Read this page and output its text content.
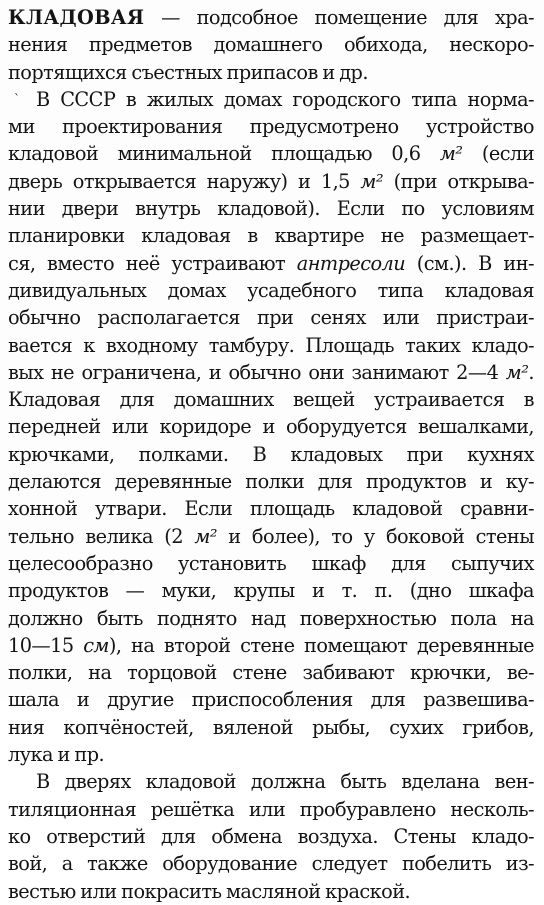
КЛАДОВАЯ — подсобное помещение для хра-
нения предметов домашнего обихода, нескоро-
портящихся съестных припасов и др.
ˋ В СССР в жилых домах городского типа норма-
ми проектирования предусмотрено устройство
кладовой минимальной площадью 0,6 м² (если
дверь открывается наружу) и 1,5 м² (при открыва-
нии двери внутрь кладовой). Если по условиям
планировки кладовая в квартире не размещает-
ся, вместо неё устраивают антресоли (см.). В ин-
дивидуальных домах усадебного типа кладовая
обычно располагается при сенях или пристраи-
вается к входному тамбуру. Площадь таких кладо-
вых не ограничена, и обычно они занимают 2—4 м².
Кладовая для домашних вещей устраивается в
передней или коридоре и оборудуется вешалками,
крючками, полками. В кладовых при кухнях
делаются деревянные полки для продуктов и ку-
хонной утвари. Если площадь кладовой сравни-
тельно велика (2 м² и более), то у боковой стены
целесообразно установить шкаф для сыпучих
продуктов — муки, крупы и т. п. (дно шкафа
должно быть поднято над поверхностью пола на
10—15 см), на второй стене помещают деревянные
полки, на торцовой стене забивают крючки, ве-
шала и другие приспособления для развешива-
ния копчёностей, вяленой рыбы, сухих грибов,
лука и пр.
В дверях кладовой должна быть вделана вен-
тиляционная решётка или пробуравлено несколь-
ко отверстий для обмена воздуха. Стены кладо-
вой, а также оборудование следует побелить из-
вестью или покрасить масляной краской.
